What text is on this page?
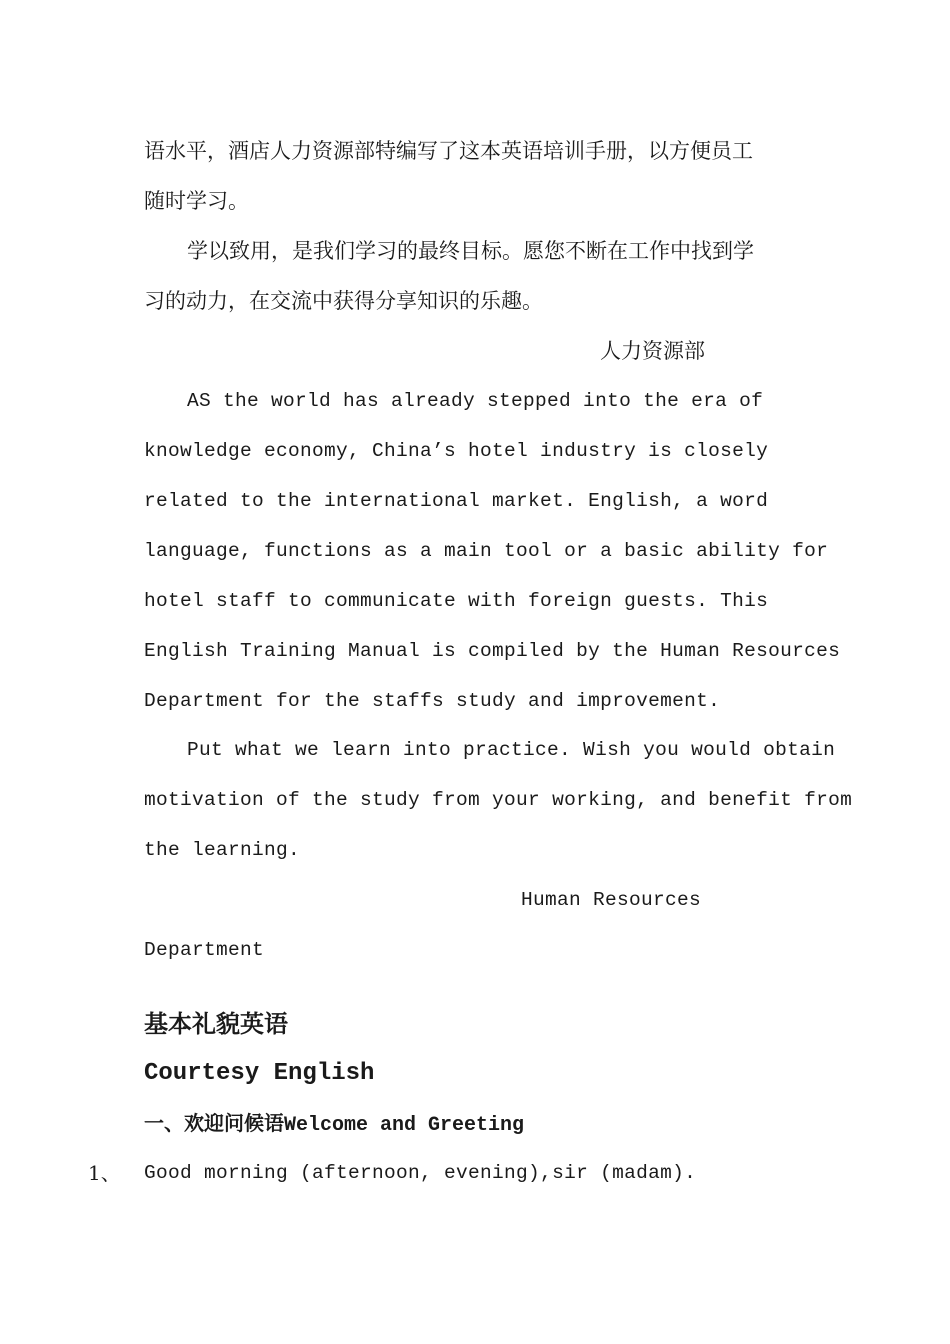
语水平，酒店人力资源部特编写了这本英语培训手册，以方便员工
随时学习。
学以致用，是我们学习的最终目标。愿您不断在工作中找到学
习的动力，在交流中获得分享知识的乐趣。
人力资源部
AS the world has already stepped into the era of
knowledge economy, China’s hotel industry is closely
related to the international market. English, a word
language, functions as a main tool or a basic ability for
hotel staff to communicate with foreign guests. This
English Training Manual is compiled by the Human Resources
Department for the staffs study and improvement.
Put what we learn into practice. Wish you would obtain
motivation of the study from your working, and benefit from
the learning.
Human Resources
Department
基本礼貌英语
Courtesy English
一、欢迎问候语Welcome and Greeting
1、 Good morning (afternoon, evening),sir (madam).
